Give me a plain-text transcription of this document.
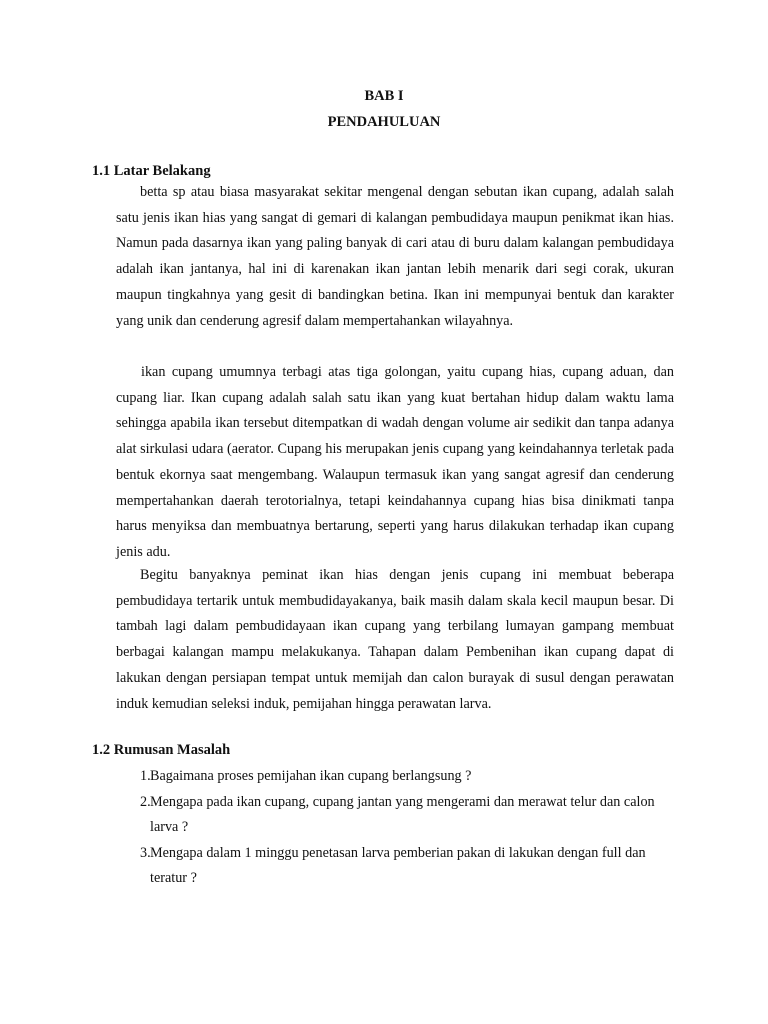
BAB I

PENDAHULUAN

1.1 Latar Belakang

betta sp atau biasa masyarakat sekitar mengenal dengan sebutan ikan cupang, adalah salah satu jenis ikan hias yang sangat di gemari di kalangan pembudidaya maupun penikmat ikan hias. Namun pada dasarnya ikan yang paling banyak di cari atau di buru dalam kalangan pembudidaya adalah ikan jantanya, hal ini di karenakan ikan jantan lebih menarik dari segi corak, ukuran maupun tingkahnya yang gesit di bandingkan betina. Ikan ini mempunyai bentuk dan karakter yang unik dan cenderung agresif dalam mempertahankan wilayahnya.

ikan cupang umumnya terbagi atas tiga golongan, yaitu cupang hias, cupang aduan, dan cupang liar. Ikan cupang adalah salah satu ikan yang kuat bertahan hidup dalam waktu lama sehingga apabila ikan tersebut ditempatkan di wadah dengan volume air sedikit dan tanpa adanya alat sirkulasi udara (aerator. Cupang his merupakan jenis cupang yang keindahannya terletak pada bentuk ekornya saat mengembang. Walaupun termasuk ikan yang sangat agresif dan cenderung mempertahankan daerah terotorialnya, tetapi keindahannya cupang hias bisa dinikmati tanpa harus menyiksa dan membuatnya bertarung, seperti yang harus dilakukan terhadap ikan cupang jenis adu.

Begitu banyaknya peminat ikan hias dengan jenis cupang ini membuat beberapa pembudidaya tertarik untuk membudidayakanya, baik masih dalam skala kecil maupun besar. Di tambah lagi dalam pembudidayaan ikan cupang yang terbilang lumayan gampang membuat berbagai kalangan mampu melakukanya. Tahapan dalam Pembenihan ikan cupang dapat di lakukan dengan persiapan tempat untuk memijah dan calon burayak di susul dengan perawatan induk kemudian seleksi induk, pemijahan hingga perawatan larva.

1.2 Rumusan Masalah

1. Bagaimana proses pemijahan ikan cupang berlangsung ?
2. Mengapa pada ikan cupang, cupang jantan yang mengerami dan merawat telur dan calon larva ?
3. Mengapa dalam 1 minggu penetasan larva pemberian pakan di lakukan dengan full dan teratur ?
